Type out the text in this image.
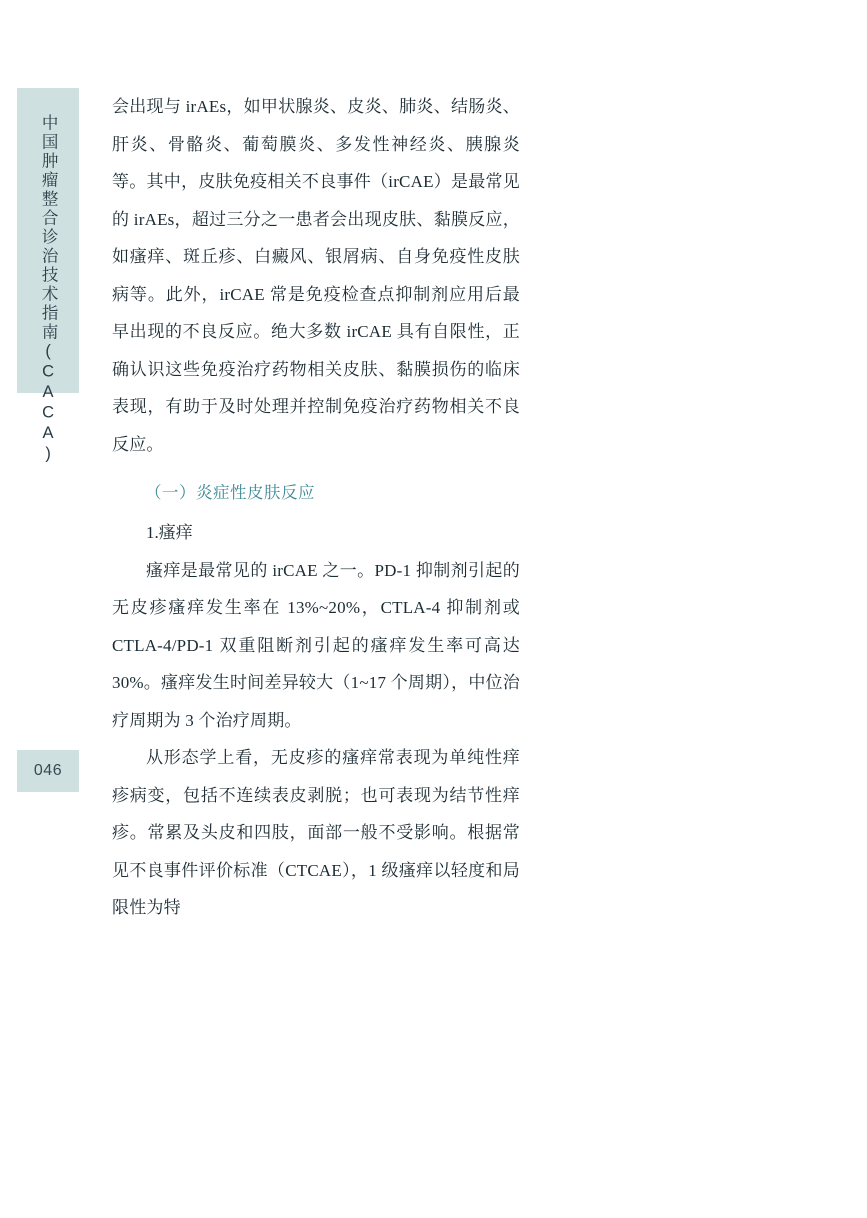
中国肿瘤整合诊治技术指南(CACA)
046

会出现与 irAEs，如甲状腺炎、皮炎、肺炎、结肠炎、肝炎、骨骼炎、葡萄膜炎、多发性神经炎、胰腺炎等。其中，皮肤免疫相关不良事件（irCAE）是最常见的 irAEs，超过三分之一患者会出现皮肤、黏膜反应，如瘙痒、斑丘疹、白癜风、银屑病、自身免疫性皮肤病等。此外，irCAE 常是免疫检查点抑制剂应用后最早出现的不良反应。绝大多数 irCAE 具有自限性，正确认识这些免疫治疗药物相关皮肤、黏膜损伤的临床表现，有助于及时处理并控制免疫治疗药物相关不良反应。

（一）炎症性皮肤反应
1.瘙痒

瘙痒是最常见的 irCAE 之一。PD-1 抑制剂引起的无皮疹瘙痒发生率在 13%~20%，CTLA-4 抑制剂或 CTLA-4/PD-1 双重阻断剂引起的瘙痒发生率可高达 30%。瘙痒发生时间差异较大（1~17 个周期），中位治疗周期为 3 个治疗周期。

从形态学上看，无皮疹的瘙痒常表现为单纯性痒疹病变，包括不连续表皮剥脱；也可表现为结节性痒疹。常累及头皮和四肢，面部一般不受影响。根据常见不良事件评价标准（CTCAE），1 级瘙痒以轻度和局限性为特
